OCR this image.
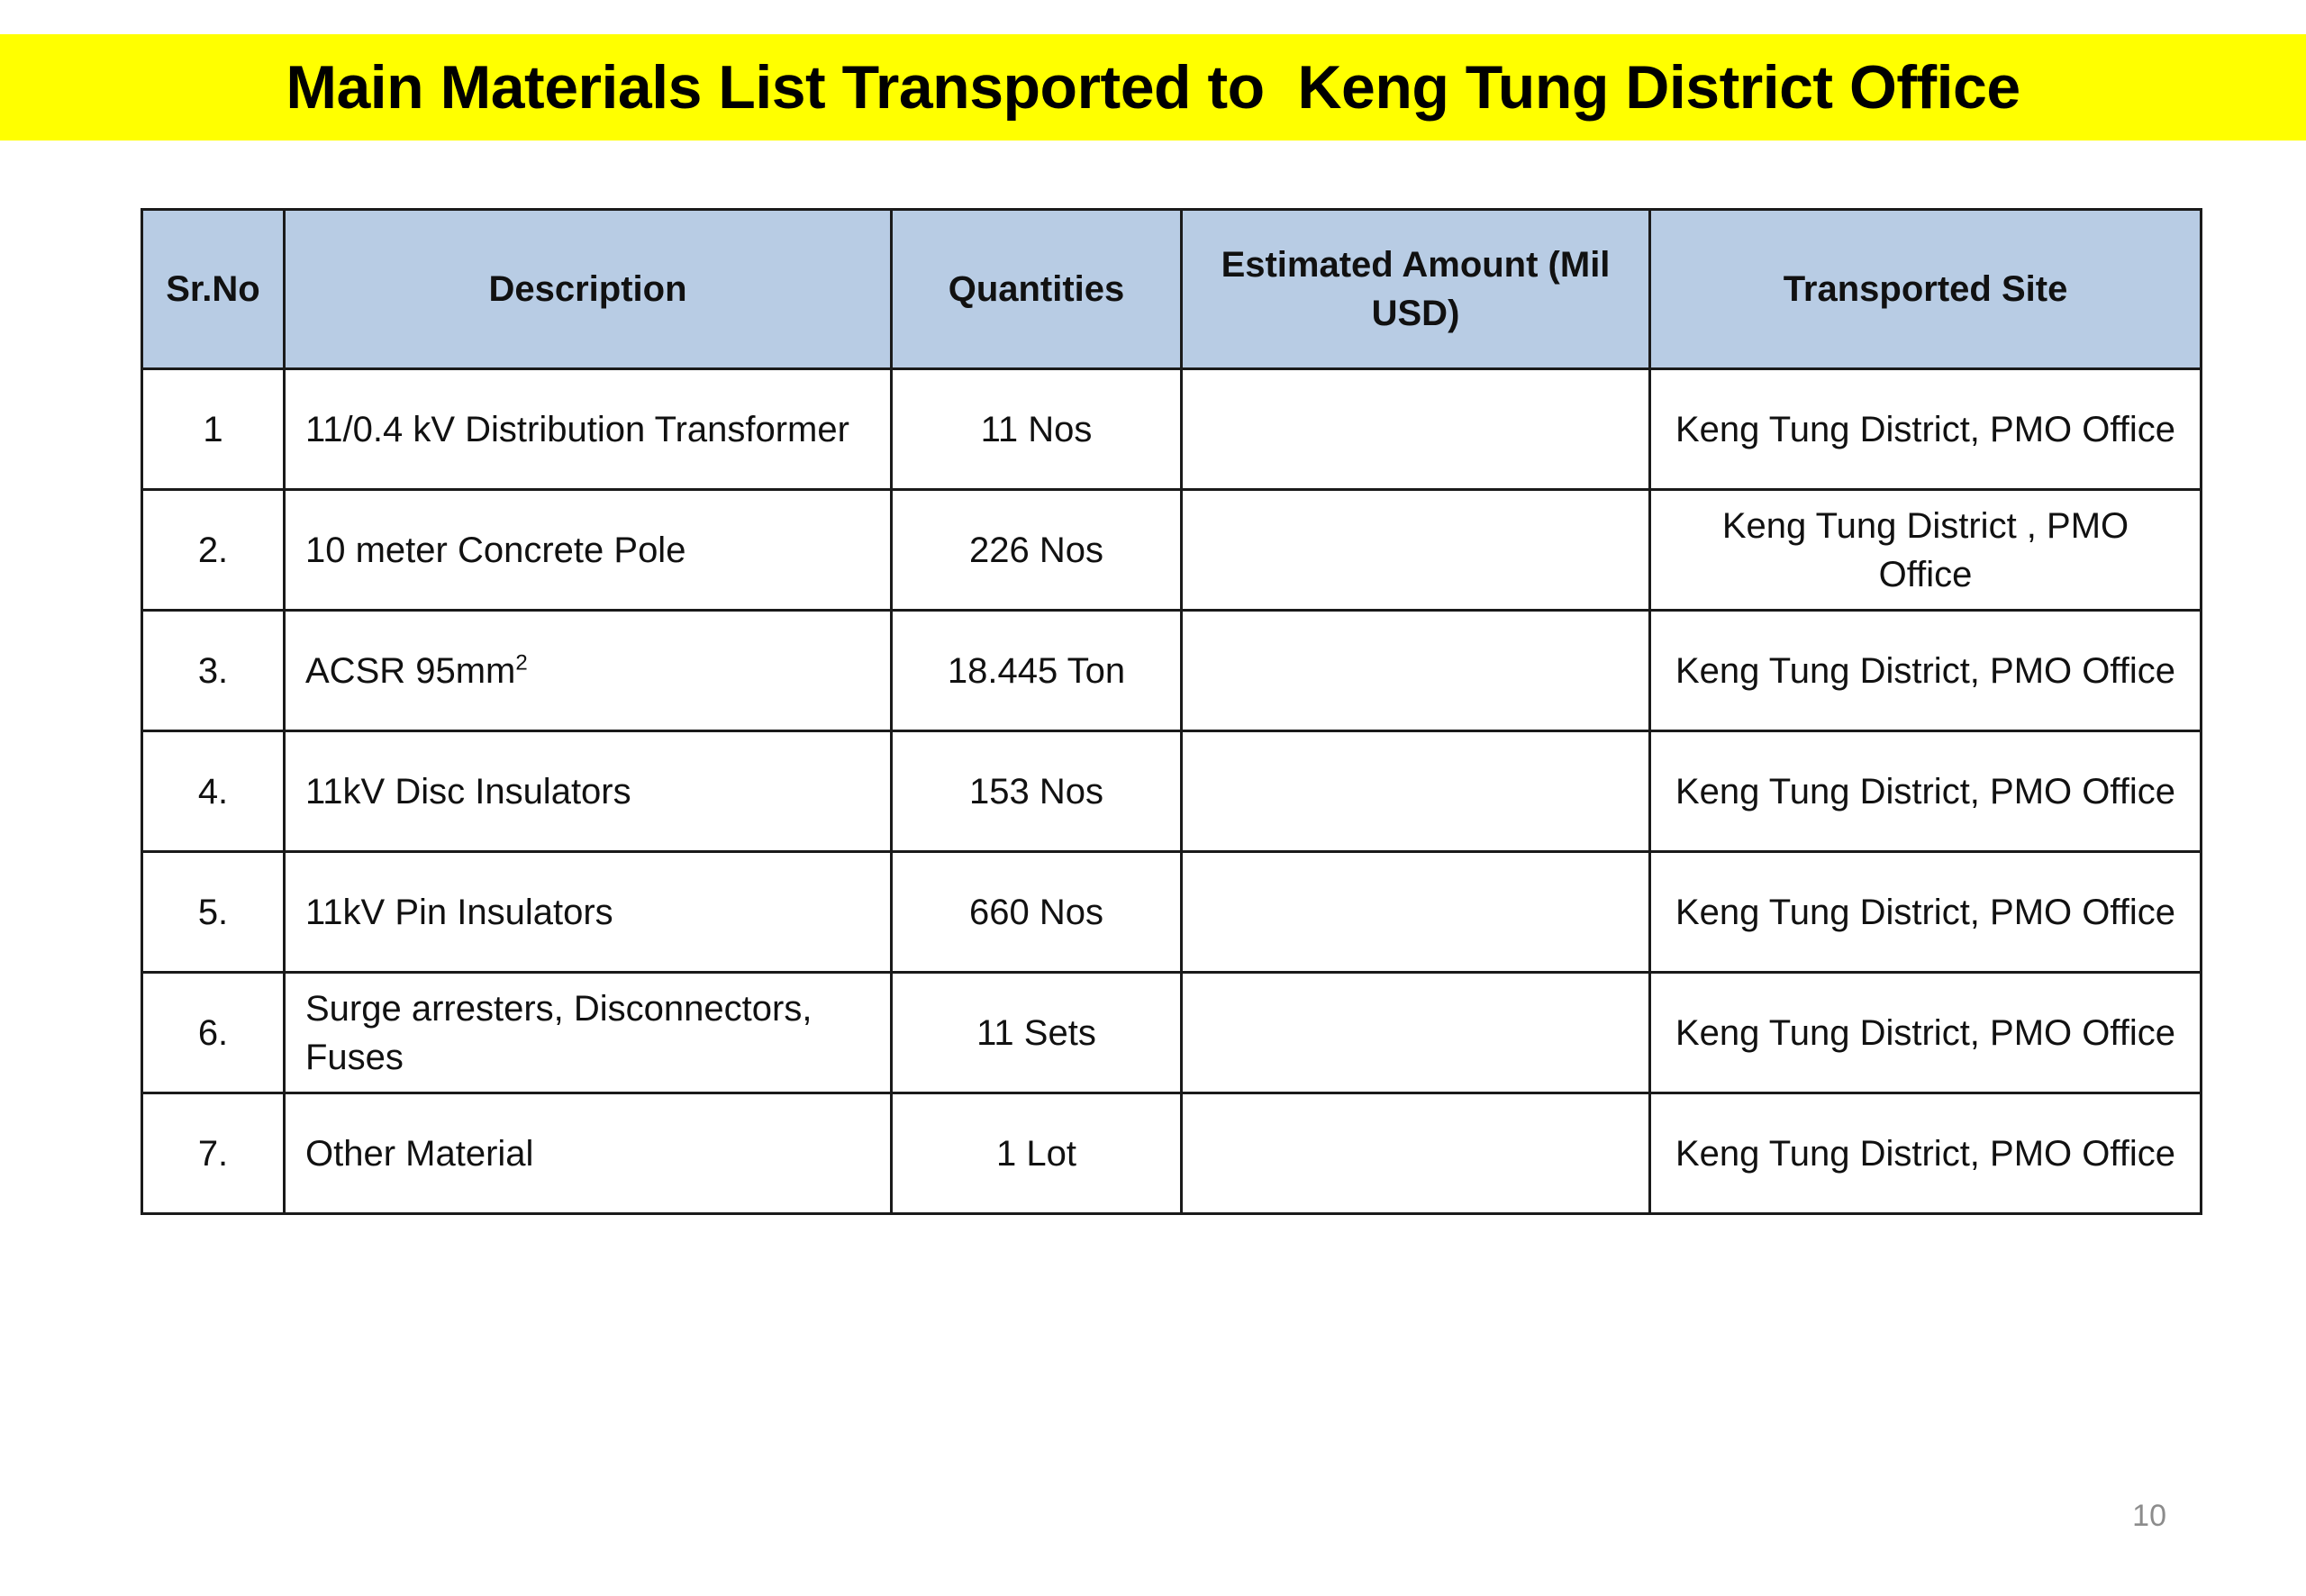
Main Materials List Transported to  Keng Tung District Office
Sr.No	Description	Quantities	Estimated Amount (Mil USD)	Transported Site
1	11/0.4 kV Distribution Transformer	11 Nos		Keng Tung District, PMO Office
2.	10 meter Concrete Pole	226 Nos		Keng Tung District , PMO Office
3.	ACSR $95mm^2$	18.445 Ton		Keng Tung District, PMO Office
4.	11kV Disc Insulators	153 Nos		Keng Tung District, PMO Office
5.	11kV Pin Insulators	660 Nos		Keng Tung District, PMO Office
6.	Surge arresters, Disconnectors, Fuses	11 Sets		Keng Tung District, PMO Office
7.	Other Material	1 Lot		Keng Tung District, PMO Office
10
